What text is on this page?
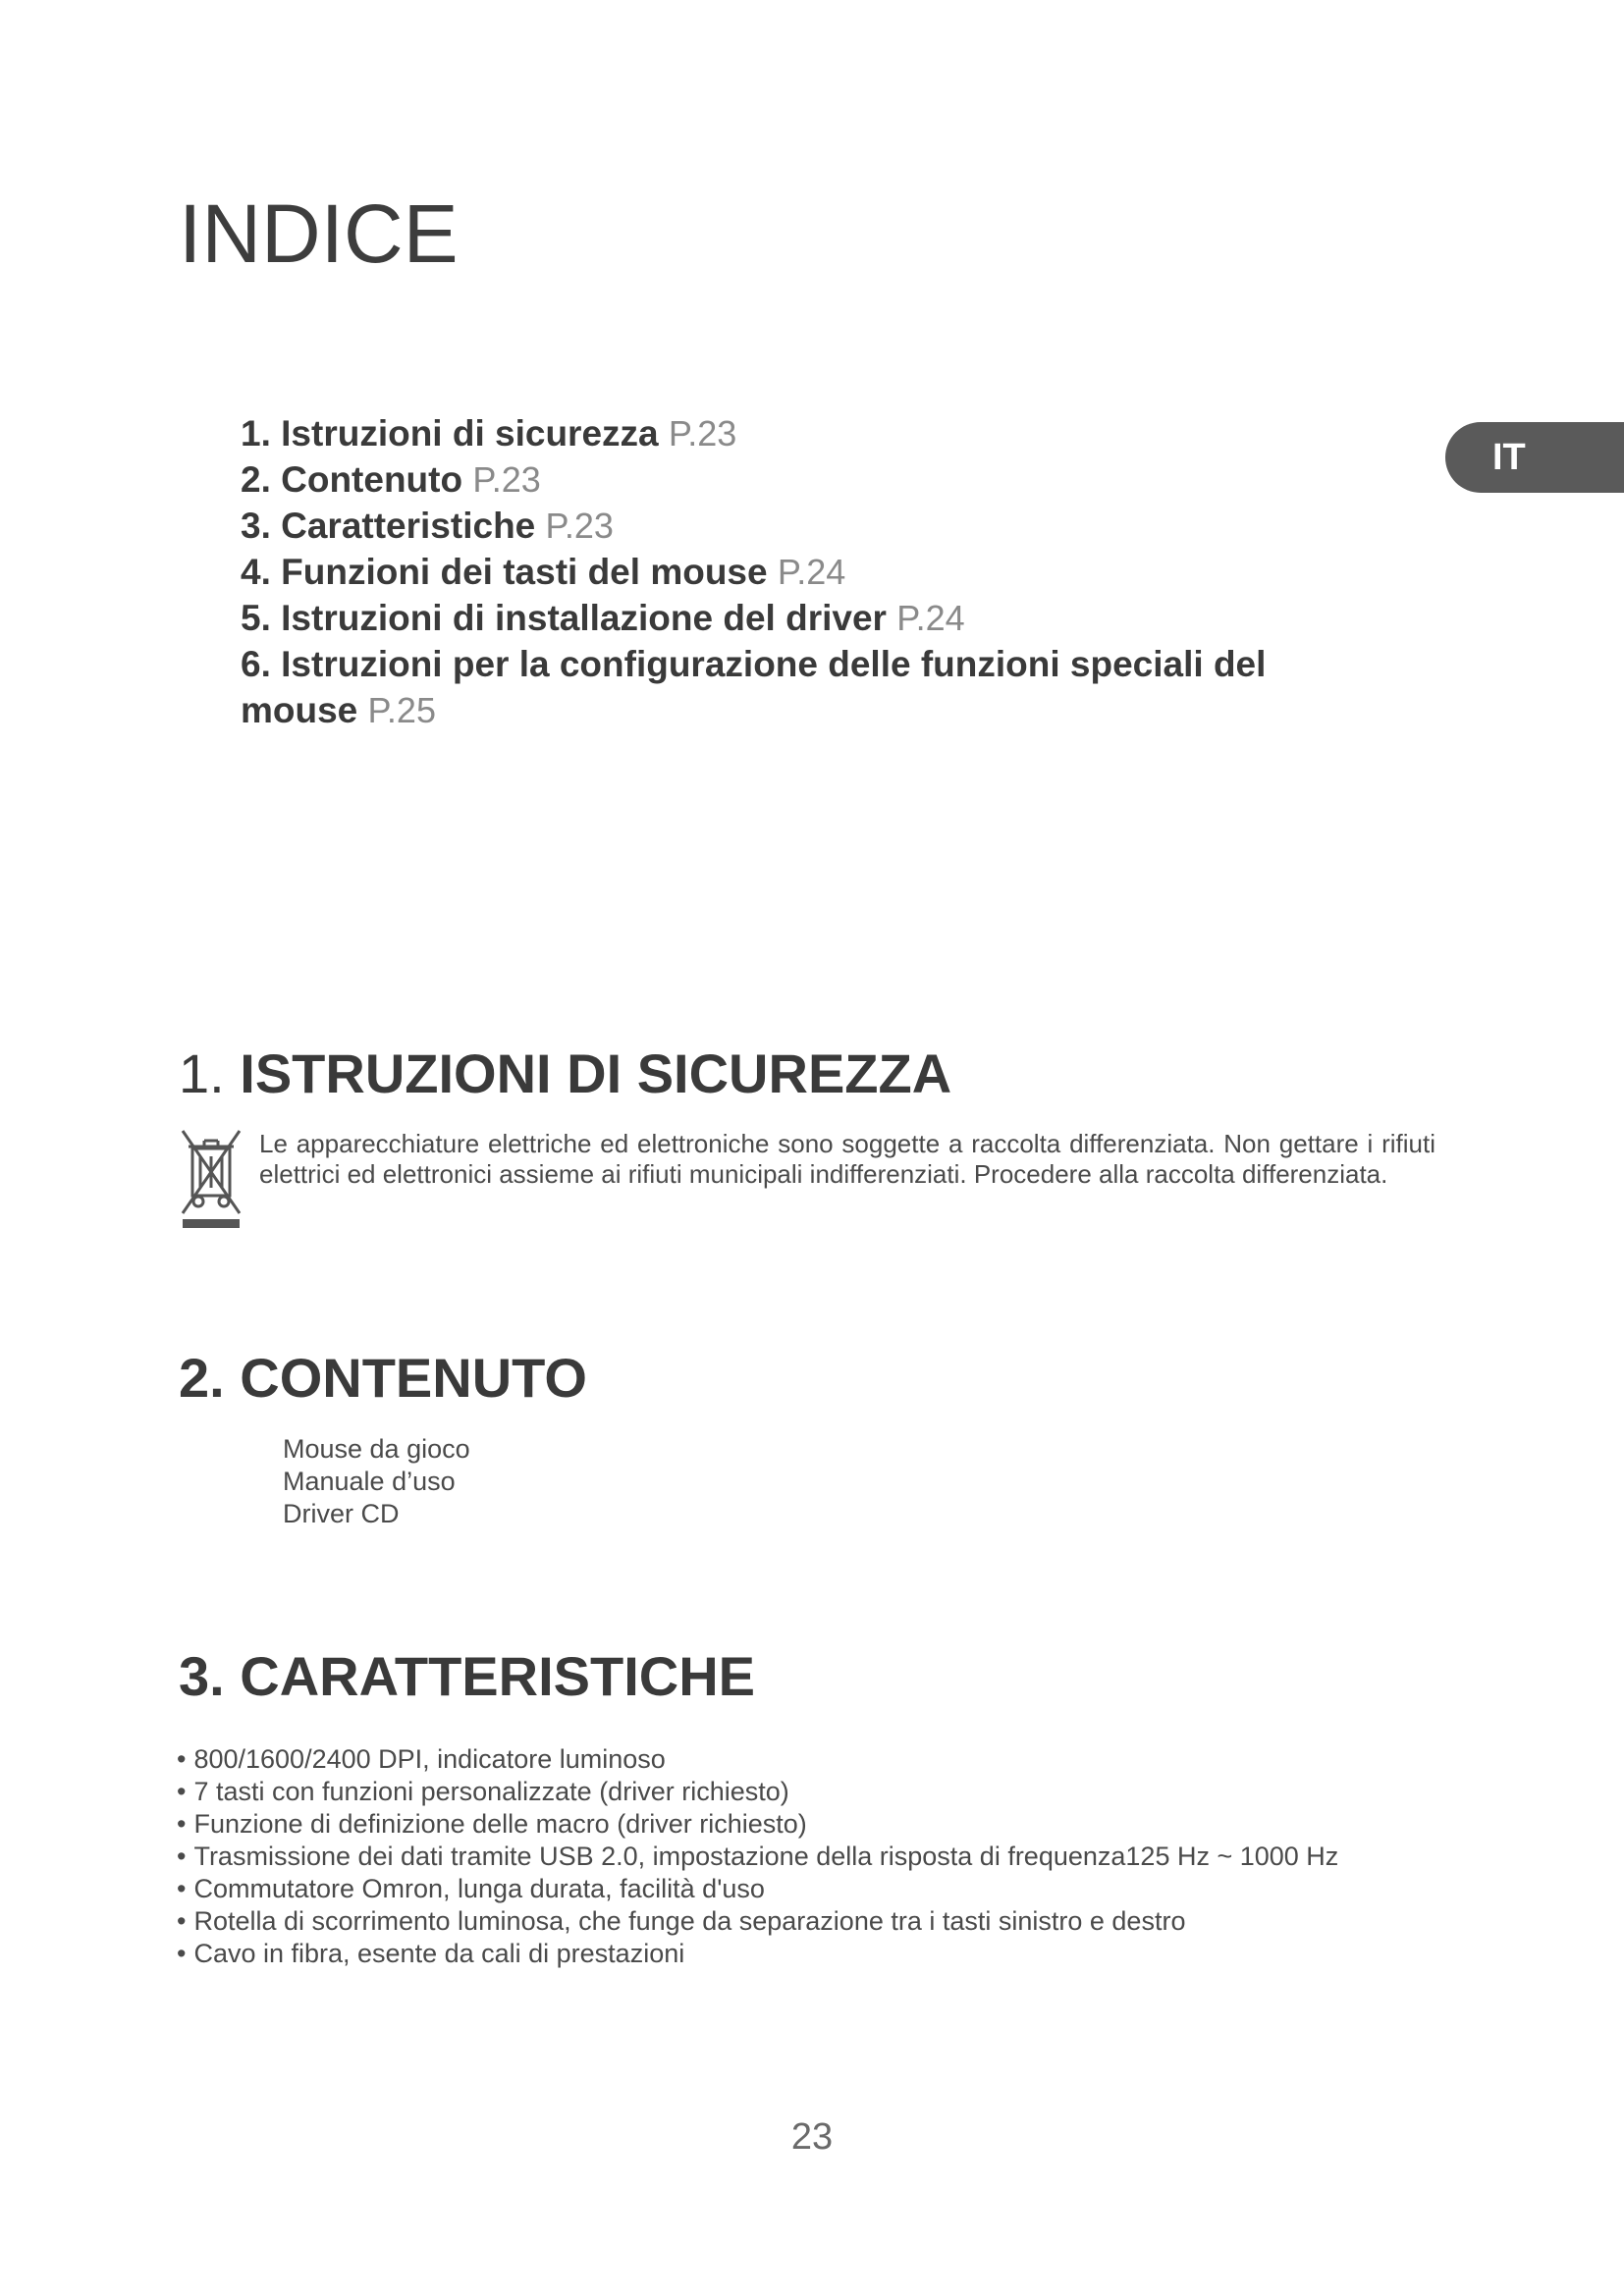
INDICE
IT
1. Istruzioni di sicurezza P.23
2. Contenuto P.23
3. Caratteristiche P.23
4. Funzioni dei tasti del mouse P.24
5. Istruzioni di installazione del driver P.24
6. Istruzioni per la configurazione delle funzioni speciali del mouse P.25
1. ISTRUZIONI DI SICUREZZA

Le apparecchiature elettriche ed elettroniche sono soggette a raccolta differenziata. Non gettare i rifiuti elettrici ed elettronici assieme ai rifiuti municipali indifferenziati. Procedere alla raccolta differenziata.

2. CONTENUTO
Mouse da gioco
Manuale d’uso
Driver CD
3. CARATTERISTICHE
• 800/1600/2400 DPI, indicatore luminoso
• 7 tasti con funzioni personalizzate (driver richiesto)
• Funzione di definizione delle macro (driver richiesto)
• Trasmissione dei dati tramite USB 2.0, impostazione della risposta di frequenza125 Hz ~ 1000 Hz
• Commutatore Omron, lunga durata, facilità d'uso
• Rotella di scorrimento luminosa, che funge da separazione tra i tasti sinistro e destro
• Cavo in fibra, esente da cali di prestazioni

23
